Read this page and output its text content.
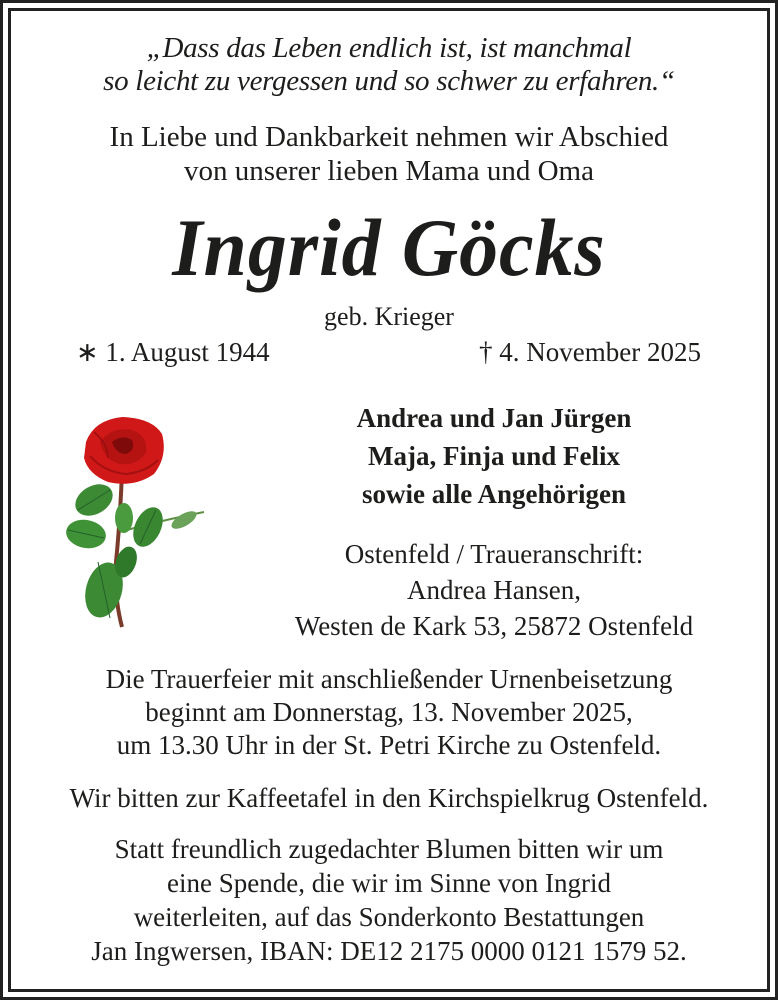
„Dass das Leben endlich ist, ist manchmal
so leicht zu vergessen und so schwer zu erfahren.“
In Liebe und Dankbarkeit nehmen wir Abschied
von unserer lieben Mama und Oma
Ingrid Göcks
geb. Krieger
∗ 1. August 1944	† 4. November 2025
Andrea und Jan Jürgen
Maja, Finja und Felix
sowie alle Angehörigen
Ostenfeld / Traueranschrift:
Andrea Hansen,
Westen de Kark 53, 25872 Ostenfeld
Die Trauerfeier mit anschließender Urnenbeisetzung
beginnt am Donnerstag, 13. November 2025,
um 13.30 Uhr in der St. Petri Kirche zu Ostenfeld.
Wir bitten zur Kaffeetafel in den Kirchspielkrug Ostenfeld.
Statt freundlich zugedachter Blumen bitten wir um
eine Spende, die wir im Sinne von Ingrid
weiterleiten, auf das Sonderkonto Bestattungen
Jan Ingwersen, IBAN: DE12 2175 0000 0121 1579 52.
